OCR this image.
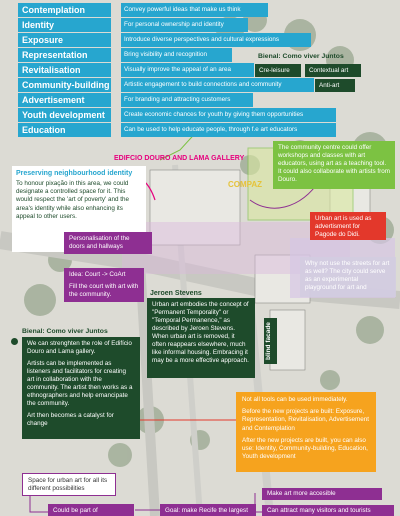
Contemplation	Convey powerful ideas that make us think
Identity	For personal ownership and identity
Exposure	Introduce diverse perspectives and cultural expressions
Representation	Bring visibility and recognition
Revitalisation	Visually improve the appeal of an area
Community-building	Artistic engagement to build connections and community
Advertisement	For branding and attracting customers
Youth development	Create economic chances for youth by giving them opportunities
Education	Can be used to help educate people, through f.e art educators
Bienal: Como viver Juntos
Cre-leisure	Contextual art
Anti-art
The community centre could offer workshops and classes with art educators, using art as a teaching tool. It could also collaborate with artists from Douro.
EDIFCIO DOURO AND LAMA GALLERY
COMPAZ
Preserving neighbourhood identity
To honour pixação in this area, we could designate a controlled space for it. This would respect the 'art of poverty' and the area's identity while also enhancing its appeal to other users.
Personalisation of the doors and hallways
Urban art is used as advertisment for Pagode do Didi.
Why not use the streets for art as well? The city could serve as an experimental playground for art and

Idea: Court -> CoArt

Fill the court with art with the community.	Jeroen Stevens
Urban art embodies the concept of "Permanent Temporality" or "Temporal Permanence," as described by Jeroen Stevens. When urban art is removed, it often reappears elsewhere, much like informal housing. Embracing it may be a more effective approach.
blind facade
Bienal: Como viver Juntos

We can strenghten the role of Edifício Douro and Lama gallery.

Artists can be implemented as listeners and facilitators for creating art in collaboration with the community. The artist then works as a ethnographers and help emancipate the community.

Art then becomes a catalyst for change

Not all tools can be used immediately.

Before the new projects are built: Exposure, Representation, Revitalisation, Advertisement and Contemplation

After the new projects are built, you can also use: Identity, Community-building, Education, Youth development

Space for urban art for all its different possibilities
Could be part of	Goal: make Recife the largest
Make art more accesible
Can attract many visitors and tourists
